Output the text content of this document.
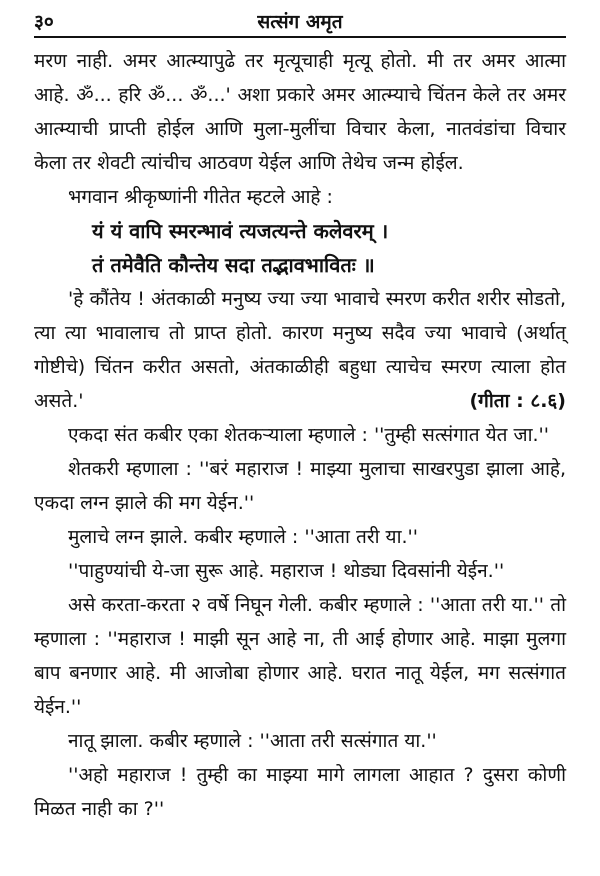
३०	सत्संग अमृत

मरण नाही. अमर आत्म्यापुढे तर मृत्यूचाही मृत्यू होतो. मी तर अमर आत्मा आहे. ॐ... हरि ॐ... ॐ...' अशा प्रकारे अमर आत्म्याचे चिंतन केले तर अमर आत्म्याची प्राप्ती होईल आणि मुला-मुलींचा विचार केला, नातवंडांचा विचार केला तर शेवटी त्यांचीच आठवण येईल आणि तेथेच जन्म होईल.

भगवान श्रीकृष्णांनी गीतेत म्हटले आहे :

यं यं वापि स्मरन्भावं त्यजत्यन्ते कलेवरम् ।

तं तमेवैति कौन्तेय सदा तद्भावभावितः ॥

'हे कौंतेय ! अंतकाळी मनुष्य ज्या ज्या भावाचे स्मरण करीत शरीर सोडतो, त्या त्या भावालाच तो प्राप्त होतो. कारण मनुष्य सदैव ज्या भावाचे (अर्थात् गोष्टीचे) चिंतन करीत असतो, अंतकाळीही बहुधा त्याचेच स्मरण त्याला होत असते.'	(गीता : ८.६)

एकदा संत कबीर एका शेतकऱ्याला म्हणाले : ''तुम्ही सत्संगात येत जा.''

शेतकरी म्हणाला : ''बरं महाराज ! माझ्या मुलाचा साखरपुडा झाला आहे, एकदा लग्न झाले की मग येईन.''

मुलाचे लग्न झाले. कबीर म्हणाले : ''आता तरी या.''

''पाहुण्यांची ये-जा सुरू आहे. महाराज ! थोड्या दिवसांनी येईन.''

असे करता-करता २ वर्षे निघून गेली. कबीर म्हणाले : ''आता तरी या.'' तो म्हणाला : ''महाराज ! माझी सून आहे ना, ती आई होणार आहे. माझा मुलगा बाप बनणार आहे. मी आजोबा होणार आहे. घरात नातू येईल, मग सत्संगात येईन.''

नातू झाला. कबीर म्हणाले : ''आता तरी सत्संगात या.''

''अहो महाराज ! तुम्ही का माझ्या मागे लागला आहात ? दुसरा कोणी मिळत नाही का ?''
